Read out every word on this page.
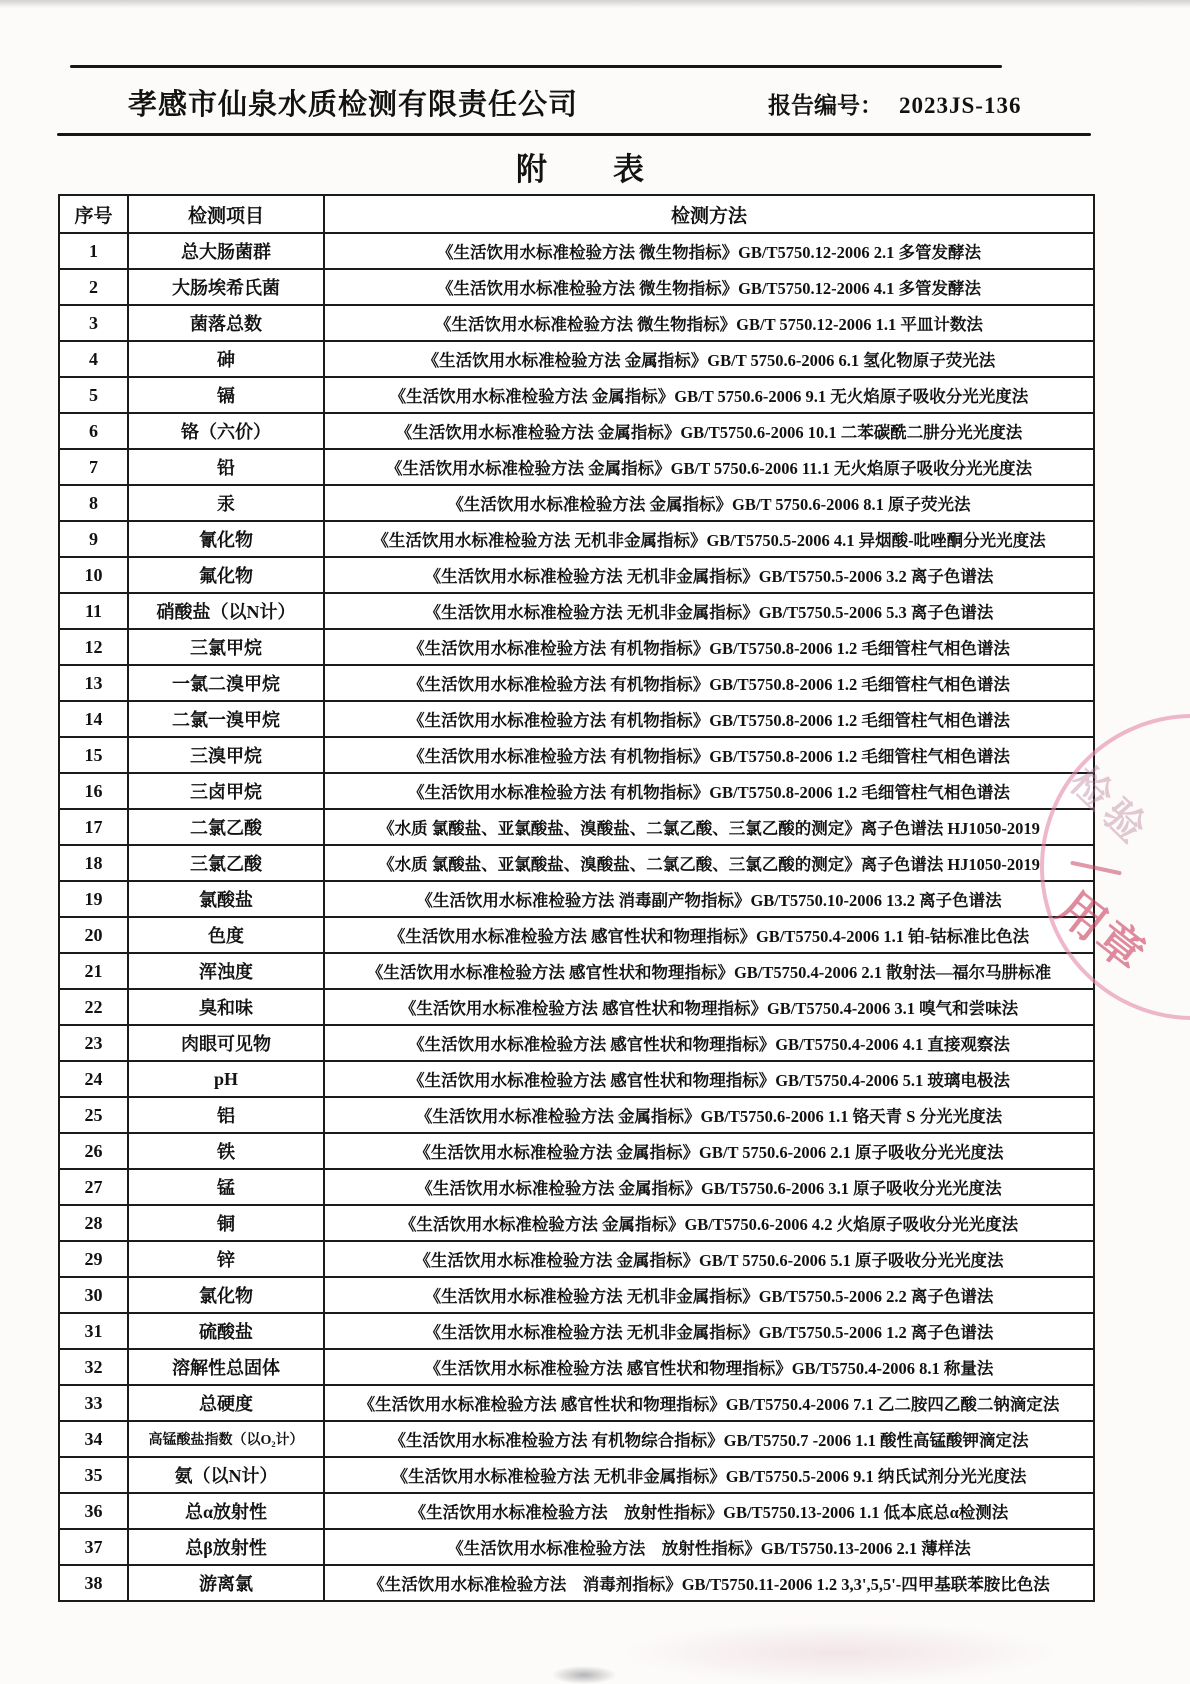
孝感市仙泉水质检测有限责任公司	报告编号： 2023JS-136
附 表
序号	检测项目	检测方法
1	总大肠菌群	《生活饮用水标准检验方法 微生物指标》GB/T5750.12-2006 2.1 多管发酵法
2	大肠埃希氏菌	《生活饮用水标准检验方法 微生物指标》GB/T5750.12-2006 4.1 多管发酵法
3	菌落总数	《生活饮用水标准检验方法 微生物指标》GB/T 5750.12-2006 1.1 平皿计数法
4	砷	《生活饮用水标准检验方法 金属指标》GB/T 5750.6-2006 6.1 氢化物原子荧光法
5	镉	《生活饮用水标准检验方法 金属指标》GB/T 5750.6-2006 9.1 无火焰原子吸收分光光度法
6	铬（六价）	《生活饮用水标准检验方法 金属指标》GB/T5750.6-2006 10.1 二苯碳酰二肼分光光度法
7	铅	《生活饮用水标准检验方法 金属指标》GB/T 5750.6-2006 11.1 无火焰原子吸收分光光度法
8	汞	《生活饮用水标准检验方法 金属指标》GB/T 5750.6-2006 8.1 原子荧光法
9	氰化物	《生活饮用水标准检验方法 无机非金属指标》GB/T5750.5-2006 4.1 异烟酸-吡唑酮分光光度法
10	氟化物	《生活饮用水标准检验方法 无机非金属指标》GB/T5750.5-2006 3.2 离子色谱法
11	硝酸盐（以N计）	《生活饮用水标准检验方法 无机非金属指标》GB/T5750.5-2006 5.3 离子色谱法
12	三氯甲烷	《生活饮用水标准检验方法 有机物指标》GB/T5750.8-2006 1.2 毛细管柱气相色谱法
13	一氯二溴甲烷	《生活饮用水标准检验方法 有机物指标》GB/T5750.8-2006 1.2 毛细管柱气相色谱法
14	二氯一溴甲烷	《生活饮用水标准检验方法 有机物指标》GB/T5750.8-2006 1.2 毛细管柱气相色谱法
15	三溴甲烷	《生活饮用水标准检验方法 有机物指标》GB/T5750.8-2006 1.2 毛细管柱气相色谱法
16	三卤甲烷	《生活饮用水标准检验方法 有机物指标》GB/T5750.8-2006 1.2 毛细管柱气相色谱法
17	二氯乙酸	《水质 氯酸盐、亚氯酸盐、溴酸盐、二氯乙酸、三氯乙酸的测定》离子色谱法 HJ1050-2019
18	三氯乙酸	《水质 氯酸盐、亚氯酸盐、溴酸盐、二氯乙酸、三氯乙酸的测定》离子色谱法 HJ1050-2019
19	氯酸盐	《生活饮用水标准检验方法 消毒副产物指标》GB/T5750.10-2006 13.2 离子色谱法
20	色度	《生活饮用水标准检验方法 感官性状和物理指标》GB/T5750.4-2006 1.1 铂-钴标准比色法
21	浑浊度	《生活饮用水标准检验方法 感官性状和物理指标》GB/T5750.4-2006 2.1 散射法—福尔马肼标准
22	臭和味	《生活饮用水标准检验方法 感官性状和物理指标》GB/T5750.4-2006 3.1 嗅气和尝味法
23	肉眼可见物	《生活饮用水标准检验方法 感官性状和物理指标》GB/T5750.4-2006 4.1 直接观察法
24	pH	《生活饮用水标准检验方法 感官性状和物理指标》GB/T5750.4-2006 5.1 玻璃电极法
25	铝	《生活饮用水标准检验方法 金属指标》GB/T5750.6-2006 1.1 铬天青 S 分光光度法
26	铁	《生活饮用水标准检验方法 金属指标》GB/T 5750.6-2006 2.1 原子吸收分光光度法
27	锰	《生活饮用水标准检验方法 金属指标》GB/T5750.6-2006 3.1 原子吸收分光光度法
28	铜	《生活饮用水标准检验方法 金属指标》GB/T5750.6-2006 4.2 火焰原子吸收分光光度法
29	锌	《生活饮用水标准检验方法 金属指标》GB/T 5750.6-2006 5.1 原子吸收分光光度法
30	氯化物	《生活饮用水标准检验方法 无机非金属指标》GB/T5750.5-2006 2.2 离子色谱法
31	硫酸盐	《生活饮用水标准检验方法 无机非金属指标》GB/T5750.5-2006 1.2 离子色谱法
32	溶解性总固体	《生活饮用水标准检验方法 感官性状和物理指标》GB/T5750.4-2006 8.1 称量法
33	总硬度	《生活饮用水标准检验方法 感官性状和物理指标》GB/T5750.4-2006 7.1 乙二胺四乙酸二钠滴定法
34	高锰酸盐指数（以O₂计）	《生活饮用水标准检验方法 有机物综合指标》GB/T5750.7 -2006 1.1 酸性高锰酸钾滴定法
35	氨（以N计）	《生活饮用水标准检验方法 无机非金属指标》GB/T5750.5-2006 9.1 纳氏试剂分光光度法
36	总α放射性	《生活饮用水标准检验方法　放射性指标》GB/T5750.13-2006 1.1 低本底总α检测法
37	总β放射性	《生活饮用水标准检验方法　放射性指标》GB/T5750.13-2006 2.1 薄样法
38	游离氯	《生活饮用水标准检验方法　消毒剂指标》GB/T5750.11-2006 1.2 3,3',5,5'-四甲基联苯胺比色法
检验
用章
